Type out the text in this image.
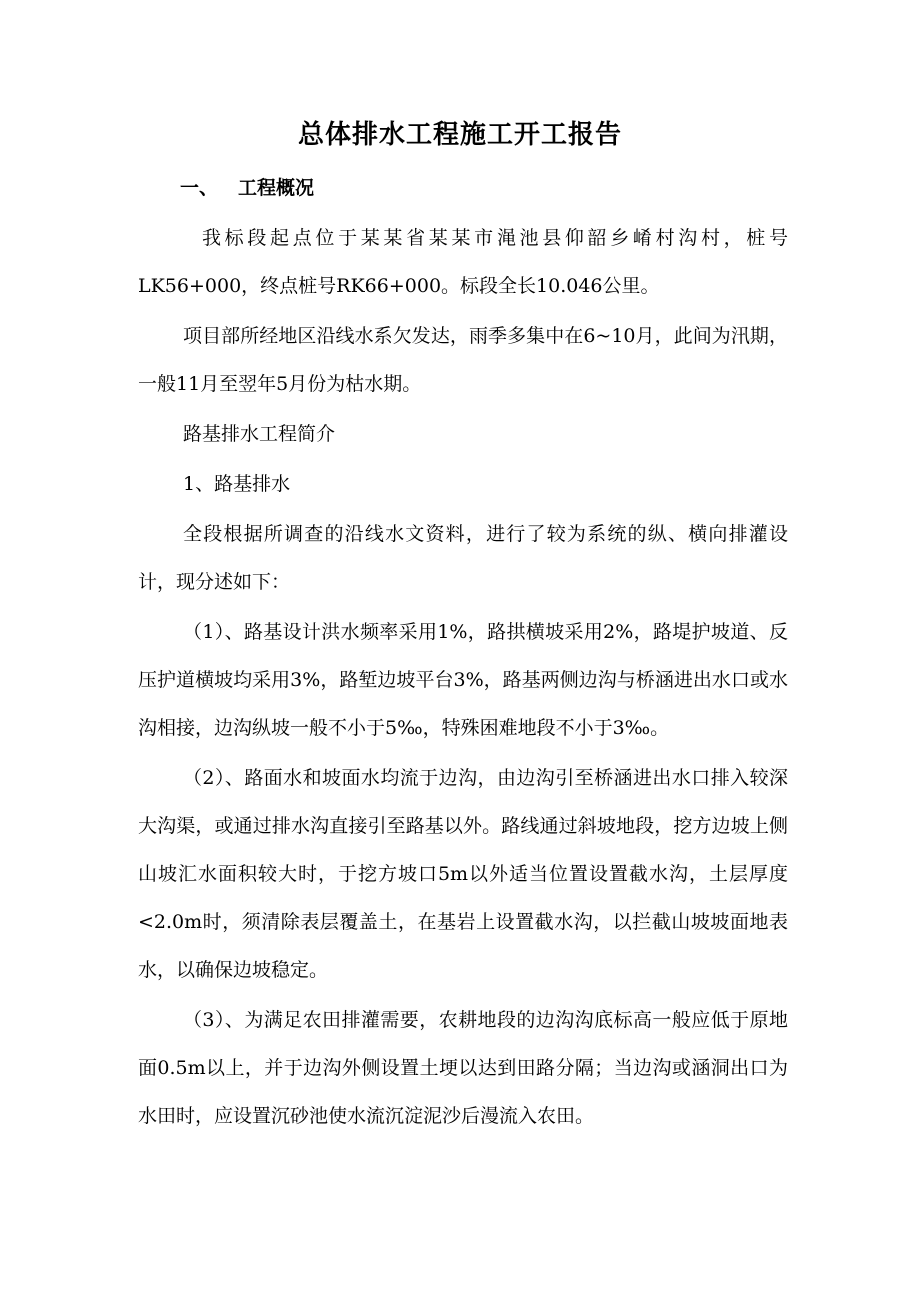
总体排水工程施工开工报告
一、 工程概况

我标段起点位于某某省某某市渑池县仰韶乡崤村沟村，桩号LK56+000，终点桩号RK66+000。标段全长10.046公里。

项目部所经地区沿线水系欠发达，雨季多集中在6~10月，此间为汛期，一般11月至翌年5月份为枯水期。

路基排水工程简介

1、路基排水

全段根据所调查的沿线水文资料，进行了较为系统的纵、横向排灌设计，现分述如下：

（1）、路基设计洪水频率采用1%，路拱横坡采用2%，路堤护坡道、反压护道横坡均采用3%，路堑边坡平台3%，路基两侧边沟与桥涵进出水口或水沟相接，边沟纵坡一般不小于5‰，特殊困难地段不小于3‰。

（2）、路面水和坡面水均流于边沟，由边沟引至桥涵进出水口排入较深大沟渠，或通过排水沟直接引至路基以外。路线通过斜坡地段，挖方边坡上侧山坡汇水面积较大时，于挖方坡口5m以外适当位置设置截水沟，土层厚度<2.0m时，须清除表层覆盖土，在基岩上设置截水沟，以拦截山坡坡面地表水，以确保边坡稳定。

（3）、为满足农田排灌需要，农耕地段的边沟沟底标高一般应低于原地面0.5m以上，并于边沟外侧设置土埂以达到田路分隔；当边沟或涵洞出口为水田时，应设置沉砂池使水流沉淀泥沙后漫流入农田。
